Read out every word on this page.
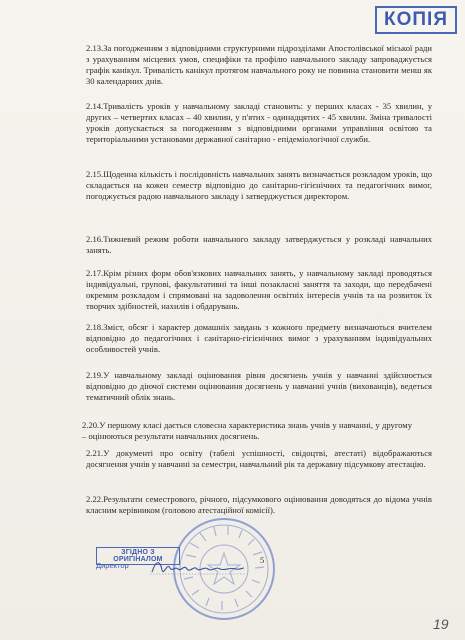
КОПІЯ

2.13.За погодженням з відповідними структурними підрозділами Апостолівської міської ради з урахуванням місцевих умов, специфіки та профілю навчального закладу запроваджується графік канікул. Тривалість канікул протягом навчального року не повинна становити менш як 30 календарних днів.

2.14.Тривалість уроків у навчальному закладі становить: у перших класах - 35 хвилин, у других – четвертих класах – 40 хвилин, у п'ятих - одинадцятих - 45 хвилин. Зміна тривалості уроків допускається за погодженням з відповідними органами управління освітою та територіальними установами державної санітарно - епідеміологічної служби.

2.15.Щоденна кількість і послідовність навчальних занять визначається розкладом уроків, що складається на кожен семестр відповідно до санітарно-гігієнічних та педагогічних вимог, погоджується радою навчального закладу і затверджується директором.

2.16.Тижневий режим роботи навчального закладу затверджується у розкладі навчальних занять.

2.17.Крім різних форм обов'язкових навчальних занять, у навчальному закладі проводяться індивідуальні, групові, факультативні та інші позакласні заняття та заходи, що передбачені окремим розкладом і спрямовані на задоволення освітніх інтересів учнів та на розвиток їх творчих здібностей, нахилів і обдарувань.

2.18.Зміст, обсяг і характер домашніх завдань з кожного предмету визначаються вчителем відповідно до педагогічних і санітарно-гігієнічних вимог з урахуванням індивідуальних особливостей учнів.

2.19.У навчальному закладі оцінювання рівня досягнень учнів у навчанні здійснюється відповідно до діючої системи оцінювання досягнень у навчанні учнів (вихованців), ведеться тематичний облік знань.

2.20.У першому класі дається словесна характеристика знань учнів у навчанні, у другому – оцінюються результати навчальних досягнень.

2.21.У документі про освіту (табелі успішності, свідоцтві, атестаті) відображаються досягнення учнів у навчанні за семестри, навчальний рік та державну підсумкову атестацію.

2.22.Результати семестрового, річного, підсумкового оцінювання доводяться до відома учнів класним керівником (головою атестаційної комісії).

ЗГІДНО З ОРИГІНАЛОМ
Директор
5
19
